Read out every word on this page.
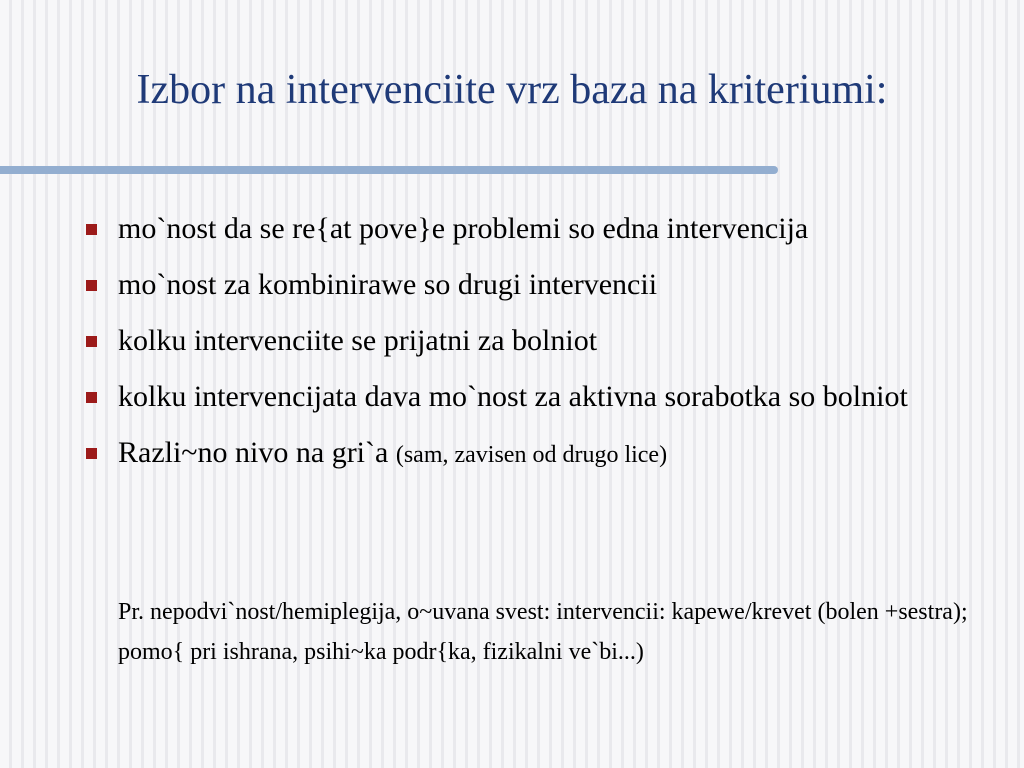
Izbor na intervenciite vrz baza na kriteriumi:
mo`nost da se re{at pove}e problemi so edna intervencija
mo`nost za kombinirawe so drugi intervencii
kolku intervenciite se prijatni za bolniot
kolku intervencijata dava mo`nost za aktivna sorabotka so bolniot
Razli~no nivo na gri`a (sam, zavisen od drugo lice)

Pr. nepodvi`nost/hemiplegija, o~uvana svest: intervencii: kapewe/krevet (bolen +sestra); pomo{ pri ishrana, psihi~ka podr{ka, fizikalni ve`bi...)
